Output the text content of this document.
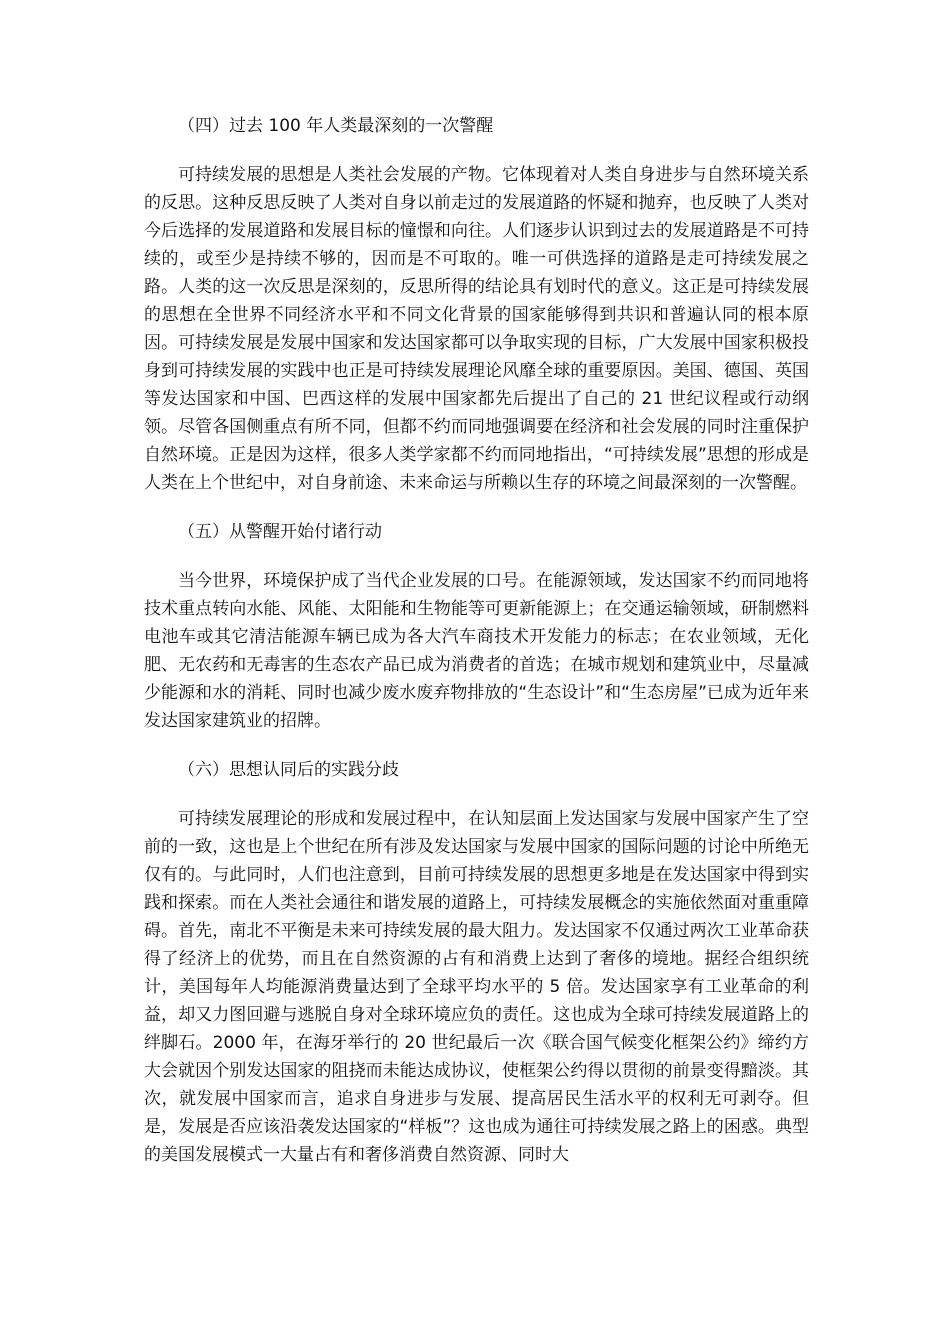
（四）过去 100 年人类最深刻的一次警醒

可持续发展的思想是人类社会发展的产物。它体现着对人类自身进步与自然环境关系的反思。这种反思反映了人类对自身以前走过的发展道路的怀疑和抛弃，也反映了人类对今后选择的发展道路和发展目标的憧憬和向往。人们逐步认识到过去的发展道路是不可持续的，或至少是持续不够的，因而是不可取的。唯一可供选择的道路是走可持续发展之路。人类的这一次反思是深刻的，反思所得的结论具有划时代的意义。这正是可持续发展的思想在全世界不同经济水平和不同文化背景的国家能够得到共识和普遍认同的根本原因。可持续发展是发展中国家和发达国家都可以争取实现的目标，广大发展中国家积极投身到可持续发展的实践中也正是可持续发展理论风靡全球的重要原因。美国、德国、英国等发达国家和中国、巴西这样的发展中国家都先后提出了自己的 21 世纪议程或行动纲领。尽管各国侧重点有所不同，但都不约而同地强调要在经济和社会发展的同时注重保护自然环境。正是因为这样，很多人类学家都不约而同地指出，“可持续发展”思想的形成是人类在上个世纪中，对自身前途、未来命运与所赖以生存的环境之间最深刻的一次警醒。

（五）从警醒开始付诸行动

当今世界，环境保护成了当代企业发展的口号。在能源领域，发达国家不约而同地将技术重点转向水能、风能、太阳能和生物能等可更新能源上；在交通运输领域，研制燃料电池车或其它清洁能源车辆已成为各大汽车商技术开发能力的标志；在农业领域，无化肥、无农药和无毒害的生态农产品已成为消费者的首选；在城市规划和建筑业中，尽量减少能源和水的消耗、同时也减少废水废弃物排放的“生态设计”和“生态房屋”已成为近年来发达国家建筑业的招牌。

（六）思想认同后的实践分歧

可持续发展理论的形成和发展过程中，在认知层面上发达国家与发展中国家产生了空前的一致，这也是上个世纪在所有涉及发达国家与发展中国家的国际问题的讨论中所绝无仅有的。与此同时，人们也注意到，目前可持续发展的思想更多地是在发达国家中得到实践和探索。而在人类社会通往和谐发展的道路上，可持续发展概念的实施依然面对重重障碍。首先，南北不平衡是未来可持续发展的最大阻力。发达国家不仅通过两次工业革命获得了经济上的优势，而且在自然资源的占有和消费上达到了奢侈的境地。据经合组织统计，美国每年人均能源消费量达到了全球平均水平的 5 倍。发达国家享有工业革命的利益，却又力图回避与逃脱自身对全球环境应负的责任。这也成为全球可持续发展道路上的绊脚石。2000 年，在海牙举行的 20 世纪最后一次《联合国气候变化框架公约》缔约方大会就因个别发达国家的阻挠而未能达成协议，使框架公约得以贯彻的前景变得黯淡。其次，就发展中国家而言，追求自身进步与发展、提高居民生活水平的权利无可剥夺。但是，发展是否应该沿袭发达国家的“样板”？这也成为通往可持续发展之路上的困惑。典型的美国发展模式一大量占有和奢侈消费自然资源、同时大
